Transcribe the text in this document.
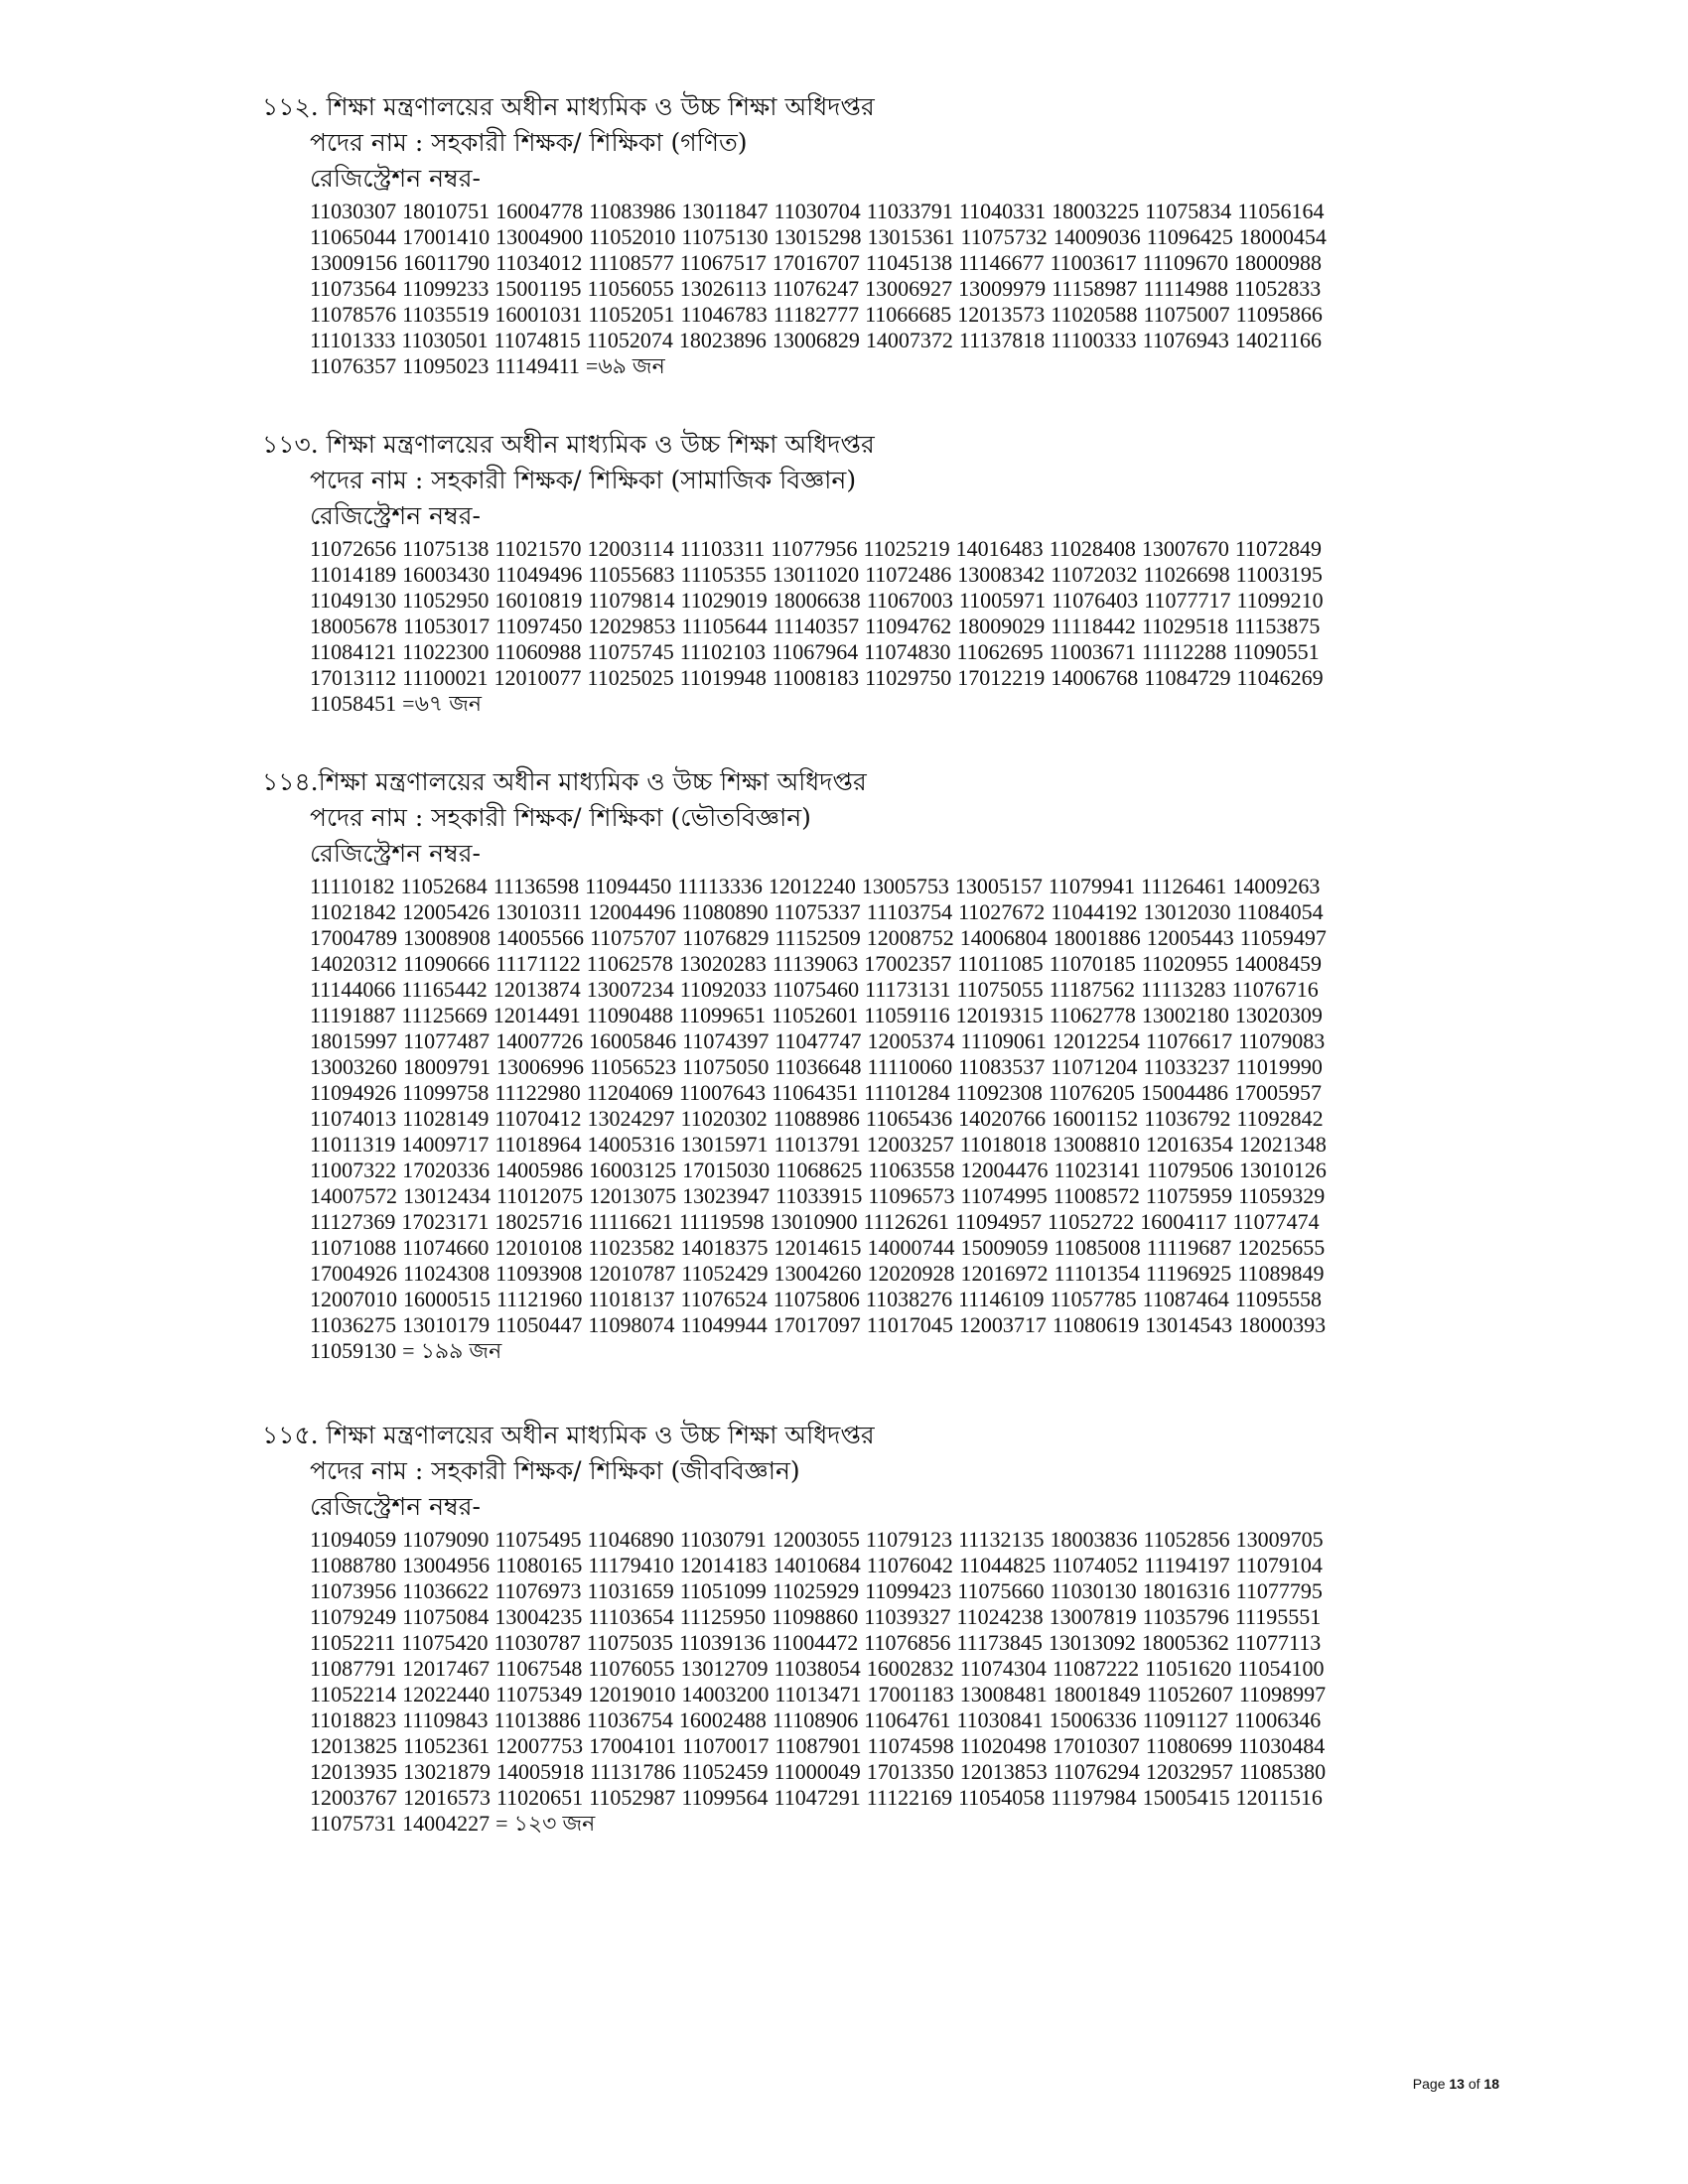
১১২. শিক্ষা মন্ত্রণালয়ের অধীন মাধ্যমিক ও উচ্চ শিক্ষা অধিদপ্তর

পদের নাম : সহকারী শিক্ষক/ শিক্ষিকা (গণিত)

রেজিস্ট্রেশন নম্বর-

11030307 18010751 16004778 11083986 13011847 11030704 11033791 11040331 18003225 11075834 11056164
11065044 17001410 13004900 11052010 11075130 13015298 13015361 11075732 14009036 11096425 18000454
13009156 16011790 11034012 11108577 11067517 17016707 11045138 11146677 11003617 11109670 18000988
11073564 11099233 15001195 11056055 13026113 11076247 13006927 13009979 11158987 11114988 11052833
11078576 11035519 16001031 11052051 11046783 11182777 11066685 12013573 11020588 11075007 11095866
11101333 11030501 11074815 11052074 18023896 13006829 14007372 11137818 11100333 11076943 14021166
11076357 11095023 11149411 =৬৯ জন

১১৩. শিক্ষা মন্ত্রণালয়ের অধীন মাধ্যমিক ও উচ্চ শিক্ষা অধিদপ্তর

পদের নাম : সহকারী শিক্ষক/ শিক্ষিকা (সামাজিক বিজ্ঞান)

রেজিস্ট্রেশন নম্বর-

11072656 11075138 11021570 12003114 11103311 11077956 11025219 14016483 11028408 13007670 11072849
11014189 16003430 11049496 11055683 11105355 13011020 11072486 13008342 11072032 11026698 11003195
11049130 11052950 16010819 11079814 11029019 18006638 11067003 11005971 11076403 11077717 11099210
18005678 11053017 11097450 12029853 11105644 11140357 11094762 18009029 11118442 11029518 11153875
11084121 11022300 11060988 11075745 11102103 11067964 11074830 11062695 11003671 11112288 11090551
17013112 11100021 12010077 11025025 11019948 11008183 11029750 17012219 14006768 11084729 11046269
11058451 =৬৭ জন

১১৪.শিক্ষা মন্ত্রণালয়ের অধীন মাধ্যমিক ও উচ্চ শিক্ষা অধিদপ্তর

পদের নাম : সহকারী শিক্ষক/ শিক্ষিকা (ভৌতবিজ্ঞান)

রেজিস্ট্রেশন নম্বর-

11110182 11052684 11136598 11094450 11113336 12012240 13005753 13005157 11079941 11126461 14009263
11021842 12005426 13010311 12004496 11080890 11075337 11103754 11027672 11044192 13012030 11084054
17004789 13008908 14005566 11075707 11076829 11152509 12008752 14006804 18001886 12005443 11059497
14020312 11090666 11171122 11062578 13020283 11139063 17002357 11011085 11070185 11020955 14008459
11144066 11165442 12013874 13007234 11092033 11075460 11173131 11075055 11187562 11113283 11076716
11191887 11125669 12014491 11090488 11099651 11052601 11059116 12019315 11062778 13002180 13020309
18015997 11077487 14007726 16005846 11074397 11047747 12005374 11109061 12012254 11076617 11079083
13003260 18009791 13006996 11056523 11075050 11036648 11110060 11083537 11071204 11033237 11019990
11094926 11099758 11122980 11204069 11007643 11064351 11101284 11092308 11076205 15004486 17005957
11074013 11028149 11070412 13024297 11020302 11088986 11065436 14020766 16001152 11036792 11092842
11011319 14009717 11018964 14005316 13015971 11013791 12003257 11018018 13008810 12016354 12021348
11007322 17020336 14005986 16003125 17015030 11068625 11063558 12004476 11023141 11079506 13010126
14007572 13012434 11012075 12013075 13023947 11033915 11096573 11074995 11008572 11075959 11059329
11127369 17023171 18025716 11116621 11119598 13010900 11126261 11094957 11052722 16004117 11077474
11071088 11074660 12010108 11023582 14018375 12014615 14000744 15009059 11085008 11119687 12025655
17004926 11024308 11093908 12010787 11052429 13004260 12020928 12016972 11101354 11196925 11089849
12007010 16000515 11121960 11018137 11076524 11075806 11038276 11146109 11057785 11087464 11095558
11036275 13010179 11050447 11098074 11049944 17017097 11017045 12003717 11080619 13014543 18000393
11059130 = ১৯৯ জন

১১৫. শিক্ষা মন্ত্রণালয়ের অধীন মাধ্যমিক ও উচ্চ শিক্ষা অধিদপ্তর

পদের নাম : সহকারী শিক্ষক/ শিক্ষিকা (জীববিজ্ঞান)

রেজিস্ট্রেশন নম্বর-

11094059 11079090 11075495 11046890 11030791 12003055 11079123 11132135 18003836 11052856 13009705
11088780 13004956 11080165 11179410 12014183 14010684 11076042 11044825 11074052 11194197 11079104
11073956 11036622 11076973 11031659 11051099 11025929 11099423 11075660 11030130 18016316 11077795
11079249 11075084 13004235 11103654 11125950 11098860 11039327 11024238 13007819 11035796 11195551
11052211 11075420 11030787 11075035 11039136 11004472 11076856 11173845 13013092 18005362 11077113
11087791 12017467 11067548 11076055 13012709 11038054 16002832 11074304 11087222 11051620 11054100
11052214 12022440 11075349 12019010 14003200 11013471 17001183 13008481 18001849 11052607 11098997
11018823 11109843 11013886 11036754 16002488 11108906 11064761 11030841 15006336 11091127 11006346
12013825 11052361 12007753 17004101 11070017 11087901 11074598 11020498 17010307 11080699 11030484
12013935 13021879 14005918 11131786 11052459 11000049 17013350 12013853 11076294 12032957 11085380
12003767 12016573 11020651 11052987 11099564 11047291 11122169 11054058 11197984 15005415 12011516
11075731 14004227 = ১২৩ জন
Page 13 of 18
